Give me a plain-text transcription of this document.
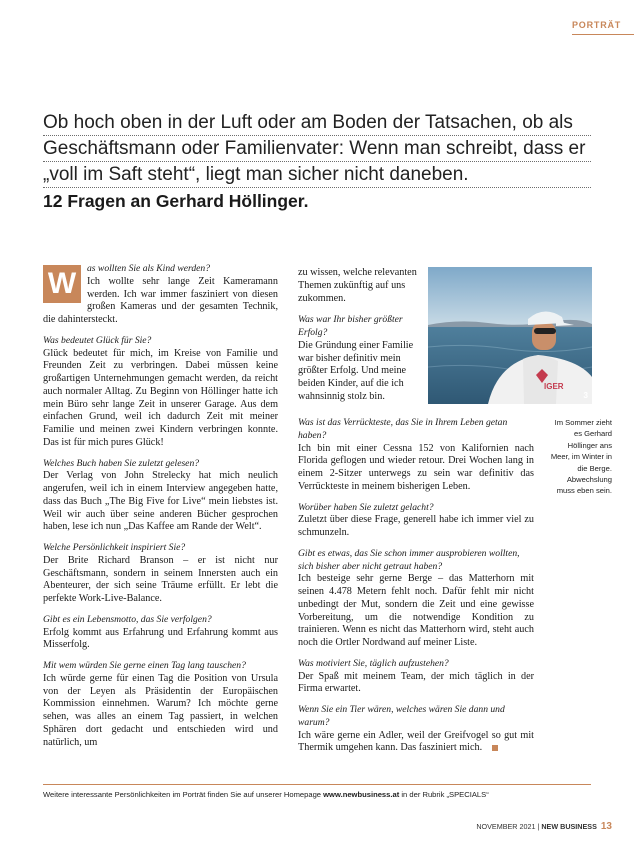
PORTRÄT
Ob hoch oben in der Luft oder am Boden der Tatsachen, ob als
Geschäftsmann oder Familienvater: Wenn man schreibt, dass er
„voll im Saft steht“, liegt man sicher nicht daneben.
12 Fragen an Gerhard Höllinger.
W	as wollten Sie als Kind werden?
Ich wollte sehr lange Zeit Kameramann werden. Ich war immer fasziniert von diesen großen Kameras und der gesamten Technik, die dahintersteckt.
Was bedeutet Glück für Sie?
Glück bedeutet für mich, im Kreise von Familie und Freunden Zeit zu verbringen. Dabei müssen keine großartigen Unternehmungen gemacht werden, da reicht auch normaler Alltag. Zu Beginn von Höllinger hatte ich mein Büro sehr lange Zeit in unserer Garage. Aus dem einfachen Grund, weil ich dadurch Zeit mit meiner Familie und meinen zwei Kindern verbringen konnte. Das ist für mich pures Glück!
Welches Buch haben Sie zuletzt gelesen?
Der Verlag von John Strelecky hat mich neulich angerufen, weil ich in einem Interview angegeben hatte, dass das Buch „The Big Five for Live“ mein liebstes ist. Weil wir auch über seine anderen Bücher gesprochen haben, lese ich nun „Das Kaffee am Rande der Welt“.
Welche Persönlichkeit inspiriert Sie?
Der Brite Richard Branson – er ist nicht nur Geschäftsmann, sondern in seinem Innersten auch ein Abenteurer, der sich seine Träume erfüllt. Er lebt die perfekte Work-Live-Balance.
Gibt es ein Lebensmotto, das Sie verfolgen?
Erfolg kommt aus Erfahrung und Erfahrung kommt aus Misserfolg.
Mit wem würden Sie gerne einen Tag lang tauschen?
Ich würde gerne für einen Tag die Position von Ursula von der Leyen als Präsidentin der Europäischen Kommission einnehmen. Warum? Ich möchte gerne sehen, was alles an einem Tag passiert, in welchen Sphären dort gedacht und entschieden wird und natürlich, um
zu wissen, welche relevanten Themen zukünftig auf uns zukommen.
Was war Ihr bisher größter Erfolg?
Die Gründung einer Familie war bisher definitiv mein größter Erfolg. Und meine beiden Kinder, auf die ich wahnsinnig stolz bin.
IGER
3
Was ist das Verrückteste, das Sie in Ihrem Leben getan haben?
Ich bin mit einer Cessna 152 von Kalifornien nach Florida geflogen und wieder retour. Drei Wochen lang in einem 2-Sitzer unterwegs zu sein war definitiv das Verrückteste in meinem bisherigen Leben.
Worüber haben Sie zuletzt gelacht?
Zuletzt über diese Frage, generell habe ich immer viel zu schmunzeln.
Gibt es etwas, das Sie schon immer ausprobieren wollten, sich bisher aber nicht getraut haben?
Ich besteige sehr gerne Berge – das Matterhorn mit seinen 4.478 Metern fehlt noch. Dafür fehlt mir nicht unbedingt der Mut, sondern die Zeit und eine gewisse Vorbereitung, um die notwendige Kondition zu trainieren. Wenn es nicht das Matterhorn wird, steht auch noch die Ortler Nordwand auf meiner Liste.
Was motiviert Sie, täglich aufzustehen?
Der Spaß mit meinem Team, der mich täglich in der Firma erwartet.
Wenn Sie ein Tier wären, welches wären Sie dann und warum?
Ich wäre gerne ein Adler, weil der Greifvogel so gut mit Thermik umgehen kann. Das fasziniert mich.
Im Sommer zieht es Gerhard Höllinger ans Meer, im Winter in die Berge. Abwechslung muss eben sein.
Weitere interessante Persönlichkeiten im Porträt finden Sie auf unserer Homepage www.newbusiness.at in der Rubrik „SPECIALS“
NOVEMBER 2021 | NEW BUSINESS 13
